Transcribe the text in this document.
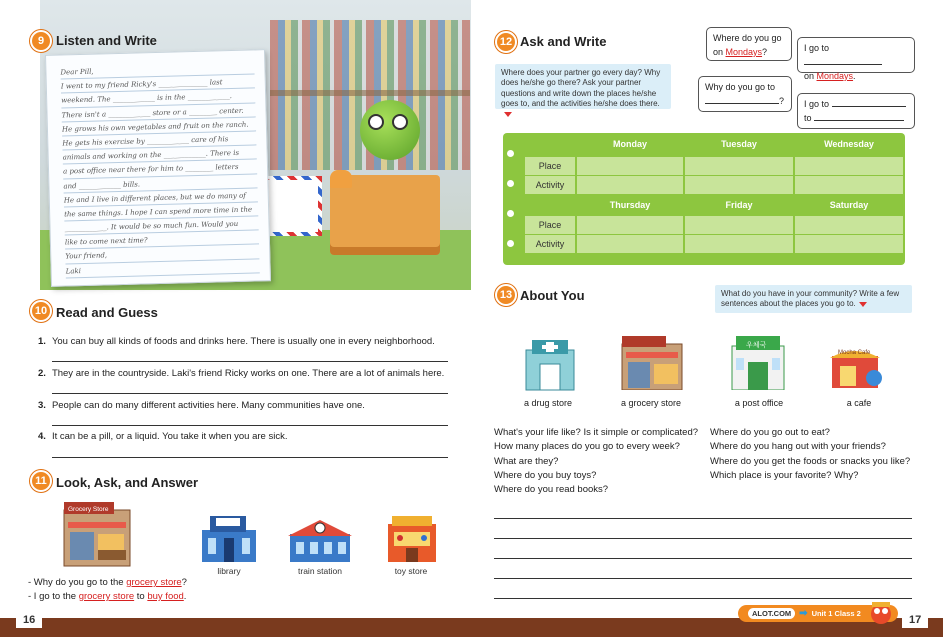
9 Listen and Write
Dear Pill,
I went to my friend Ricky's ______________ last
weekend. The ____________ is in the ____________.
There isn't a ____________ store or a ________ center.
He grows his own vegetables and fruit on the ranch.
He gets his exercise by ____________ care of his
animals and working on the ____________. There is
a post office near there for him to ________ letters
and ____________ bills.
He and I live in different places, but we do many of
the same things. I hope I can spend more time in the
____________. It would be so much fun. Would you
like to come next time?
Your friend,
Laki
10 Read and Guess
1. You can buy all kinds of foods and drinks here. There is usually one in every neighborhood.
2. They are in the countryside. Laki's friend Ricky works on one. There are a lot of animals here.
3. People can do many different activities here. Many communities have one.
4. It can be a pill, or a liquid. You take it when you are sick.
11 Look, Ask, and Answer
Grocery Store
library	train station	toy store
- Why do you go to the grocery store?
- I go to the grocery store to buy food.
12 Ask and Write
Where does your partner go every day? Why does he/she go there? Ask your partner questions and write down the places he/she goes to, and the activities he/she does there.
Where do you go
on Mondays?	I go to
on Mondays.
Why do you go to
? I go to
to
Monday	Tuesday	Wednesday
Place
Activity
Thursday	Friday	Saturday
Place
Activity
13 About You	What do you have in your community? Write a few sentences about the places you go to.
a drug store	a grocery store
우체국
a post office
Mocha Cafe
a cafe
What's your life like? Is it simple or complicated?
How many places do you go to every week?
What are they?
Where do you buy toys?
Where do you read books?
Where do you go out to eat?
Where do you hang out with your friends?
Where do you get the foods or snacks you like?
Which place is your favorite? Why?
16	17
ALOT.COM ➡ Unit 1 Class 2
